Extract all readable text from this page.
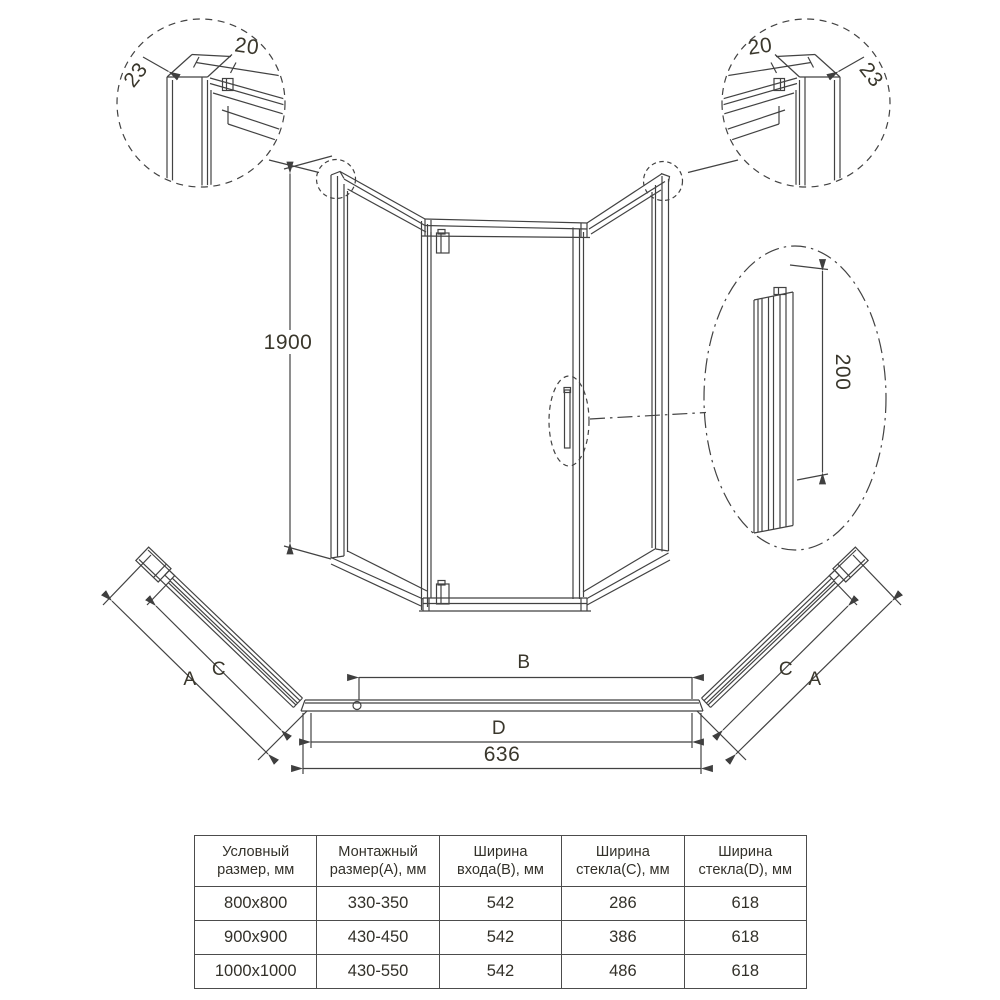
23
20
23
20
1900
200
A C	C A
B
D
636
Условный размер, мм	Монтажный размер(A), мм	Ширина входа(B), мм	Ширина стекла(C), мм	Ширина стекла(D), мм
800x800	330-350	542	286	618
900x900	430-450	542	386	618
1000x1000	430-550	542	486	618
